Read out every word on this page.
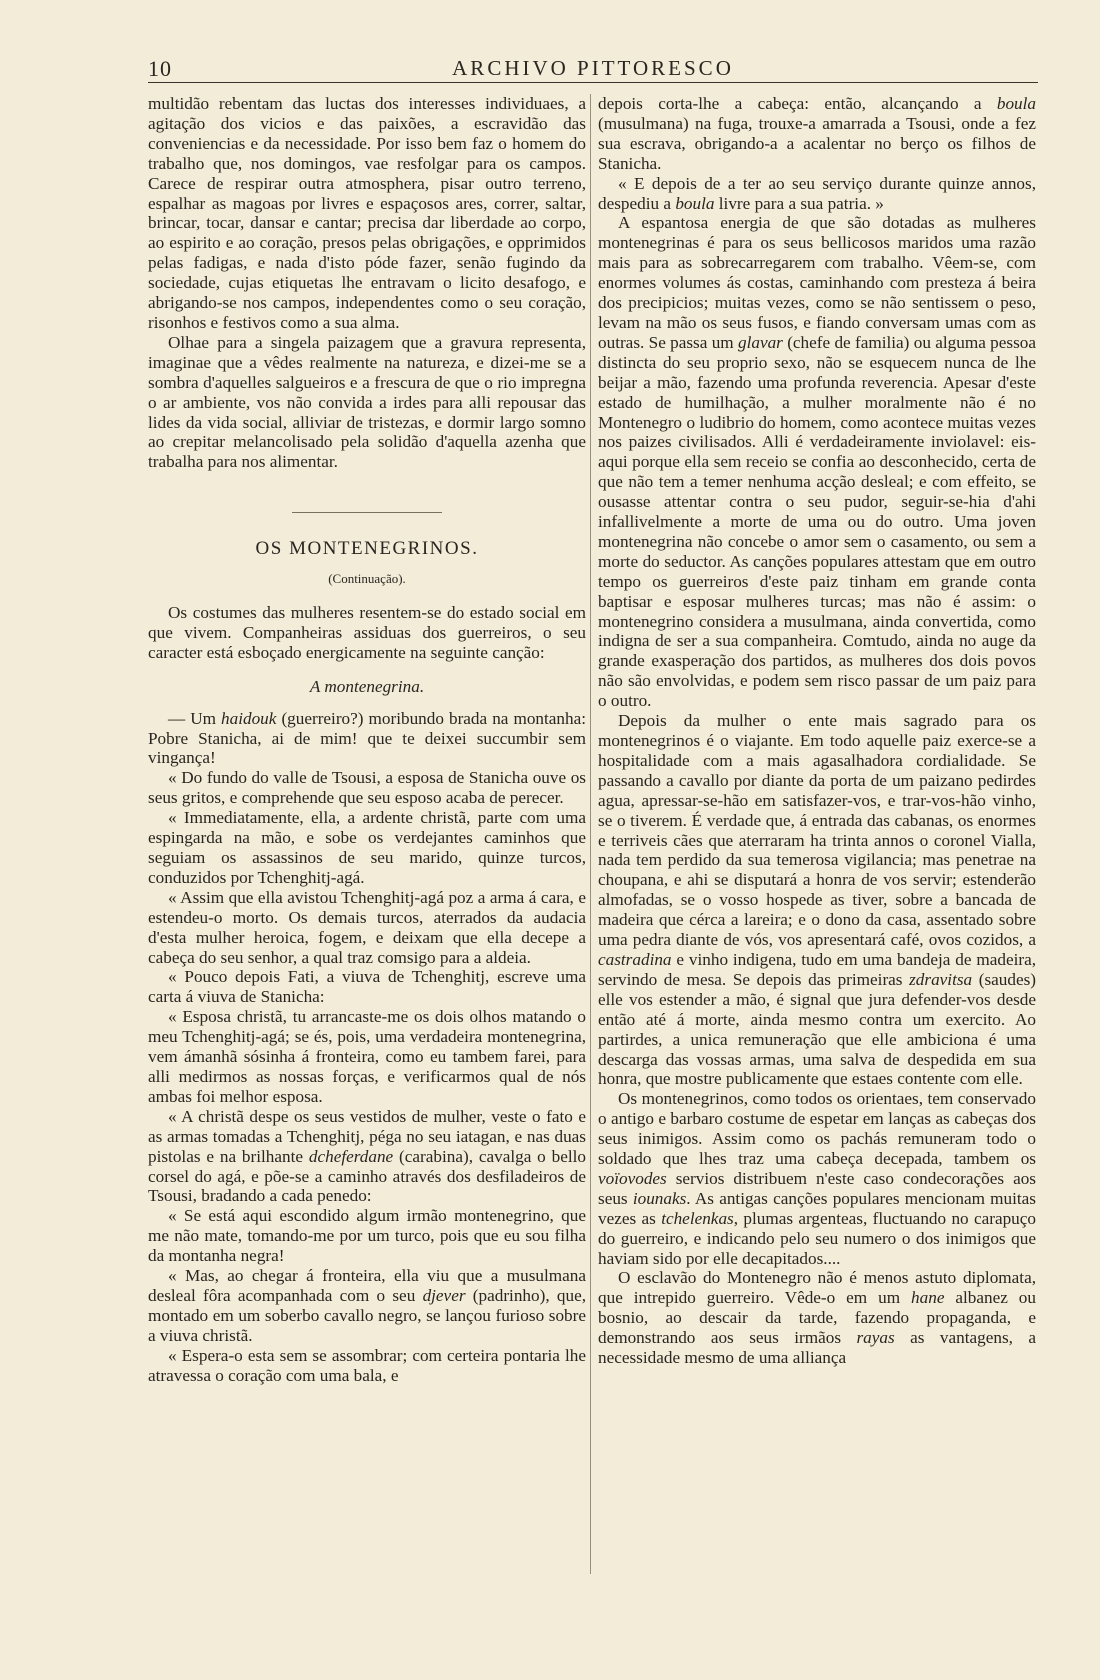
10	ARCHIVO PITTORESCO

multidão rebentam das luctas dos interesses individuaes, a agitação dos vicios e das paixões, a escravidão das conveniencias e da necessidade. Por isso bem faz o homem do trabalho que, nos domingos, vae resfolgar para os campos. Carece de respirar outra atmosphera, pisar outro terreno, espalhar as magoas por livres e espaçosos ares, correr, saltar, brincar, tocar, dansar e cantar; precisa dar liberdade ao corpo, ao espirito e ao coração, presos pelas obrigações, e opprimidos pelas fadigas, e nada d'isto póde fazer, senão fugindo da sociedade, cujas etiquetas lhe entravam o licito desafogo, e abrigando-se nos campos, independentes como o seu coração, risonhos e festivos como a sua alma.

Olhae para a singela paizagem que a gravura representa, imaginae que a vêdes realmente na natureza, e dizei-me se a sombra d'aquelles salgueiros e a frescura de que o rio impregna o ar ambiente, vos não convida a irdes para alli repousar das lides da vida social, alliviar de tristezas, e dormir largo somno ao crepitar melancolisado pela solidão d'aquella azenha que trabalha para nos alimentar.

OS MONTENEGRINOS.
(Continuação).

Os costumes das mulheres resentem-se do estado social em que vivem. Companheiras assiduas dos guerreiros, o seu caracter está esboçado energicamente na seguinte canção:

A montenegrina.

— Um haidouk (guerreiro?) moribundo brada na montanha: Pobre Stanicha, ai de mim! que te deixei succumbir sem vingança!

« Do fundo do valle de Tsousi, a esposa de Stanicha ouve os seus gritos, e comprehende que seu esposo acaba de perecer.

« Immediatamente, ella, a ardente christã, parte com uma espingarda na mão, e sobe os verdejantes caminhos que seguiam os assassinos de seu marido, quinze turcos, conduzidos por Tchenghitj-agá.

« Assim que ella avistou Tchenghitj-agá poz a arma á cara, e estendeu-o morto. Os demais turcos, aterrados da audacia d'esta mulher heroica, fogem, e deixam que ella decepe a cabeça do seu senhor, a qual traz comsigo para a aldeia.

« Pouco depois Fati, a viuva de Tchenghitj, escreve uma carta á viuva de Stanicha:

« Esposa christã, tu arrancaste-me os dois olhos matando o meu Tchenghitj-agá; se és, pois, uma verdadeira montenegrina, vem ámanhã sósinha á fronteira, como eu tambem farei, para alli medirmos as nossas forças, e verificarmos qual de nós ambas foi melhor esposa.

« A christã despe os seus vestidos de mulher, veste o fato e as armas tomadas a Tchenghitj, péga no seu iatagan, e nas duas pistolas e na brilhante dcheferdane (carabina), cavalga o bello corsel do agá, e põe-se a caminho através dos desfiladeiros de Tsousi, bradando a cada penedo:

« Se está aqui escondido algum irmão montenegrino, que me não mate, tomando-me por um turco, pois que eu sou filha da montanha negra!

« Mas, ao chegar á fronteira, ella viu que a musulmana desleal fôra acompanhada com o seu djever (padrinho), que, montado em um soberbo cavallo negro, se lançou furioso sobre a viuva christã.

« Espera-o esta sem se assombrar; com certeira pontaria lhe atravessa o coração com uma bala, e

depois corta-lhe a cabeça: então, alcançando a boula (musulmana) na fuga, trouxe-a amarrada a Tsousi, onde a fez sua escrava, obrigando-a a acalentar no berço os filhos de Stanicha.

« E depois de a ter ao seu serviço durante quinze annos, despediu a boula livre para a sua patria. »

A espantosa energia de que são dotadas as mulheres montenegrinas é para os seus bellicosos maridos uma razão mais para as sobrecarregarem com trabalho. Vêem-se, com enormes volumes ás costas, caminhando com presteza á beira dos precipicios; muitas vezes, como se não sentissem o peso, levam na mão os seus fusos, e fiando conversam umas com as outras. Se passa um glavar (chefe de familia) ou alguma pessoa distincta do seu proprio sexo, não se esquecem nunca de lhe beijar a mão, fazendo uma profunda reverencia. Apesar d'este estado de humilhação, a mulher moralmente não é no Montenegro o ludibrio do homem, como acontece muitas vezes nos paizes civilisados. Alli é verdadeiramente inviolavel: eis-aqui porque ella sem receio se confia ao desconhecido, certa de que não tem a temer nenhuma acção desleal; e com effeito, se ousasse attentar contra o seu pudor, seguir-se-hia d'ahi infallivelmente a morte de uma ou do outro. Uma joven montenegrina não concebe o amor sem o casamento, ou sem a morte do seductor. As canções populares attestam que em outro tempo os guerreiros d'este paiz tinham em grande conta baptisar e esposar mulheres turcas; mas não é assim: o montenegrino considera a musulmana, ainda convertida, como indigna de ser a sua companheira. Comtudo, ainda no auge da grande exasperação dos partidos, as mulheres dos dois povos não são envolvidas, e podem sem risco passar de um paiz para o outro.

Depois da mulher o ente mais sagrado para os montenegrinos é o viajante. Em todo aquelle paiz exerce-se a hospitalidade com a mais agasalhadora cordialidade. Se passando a cavallo por diante da porta de um paizano pedirdes agua, apressar-se-hão em satisfazer-vos, e trar-vos-hão vinho, se o tiverem. É verdade que, á entrada das cabanas, os enormes e terriveis cães que aterraram ha trinta annos o coronel Vialla, nada tem perdido da sua temerosa vigilancia; mas penetrae na choupana, e ahi se disputará a honra de vos servir; estenderão almofadas, se o vosso hospede as tiver, sobre a bancada de madeira que cérca a lareira; e o dono da casa, assentado sobre uma pedra diante de vós, vos apresentará café, ovos cozidos, a castradina e vinho indigena, tudo em uma bandeja de madeira, servindo de mesa. Se depois das primeiras zdravitsa (saudes) elle vos estender a mão, é signal que jura defender-vos desde então até á morte, ainda mesmo contra um exercito. Ao partirdes, a unica remuneração que elle ambiciona é uma descarga das vossas armas, uma salva de despedida em sua honra, que mostre publicamente que estaes contente com elle.

Os montenegrinos, como todos os orientaes, tem conservado o antigo e barbaro costume de espetar em lanças as cabeças dos seus inimigos. Assim como os pachás remuneram todo o soldado que lhes traz uma cabeça decepada, tambem os voïovodes servios distribuem n'este caso condecorações aos seus iounaks. As antigas canções populares mencionam muitas vezes as tchelenkas, plumas argenteas, fluctuando no carapuço do guerreiro, e indicando pelo seu numero o dos inimigos que haviam sido por elle decapitados....

O esclavão do Montenegro não é menos astuto diplomata, que intrepido guerreiro. Vêde-o em um hane albanez ou bosnio, ao descair da tarde, fazendo propaganda, e demonstrando aos seus irmãos rayas as vantagens, a necessidade mesmo de uma alliança
